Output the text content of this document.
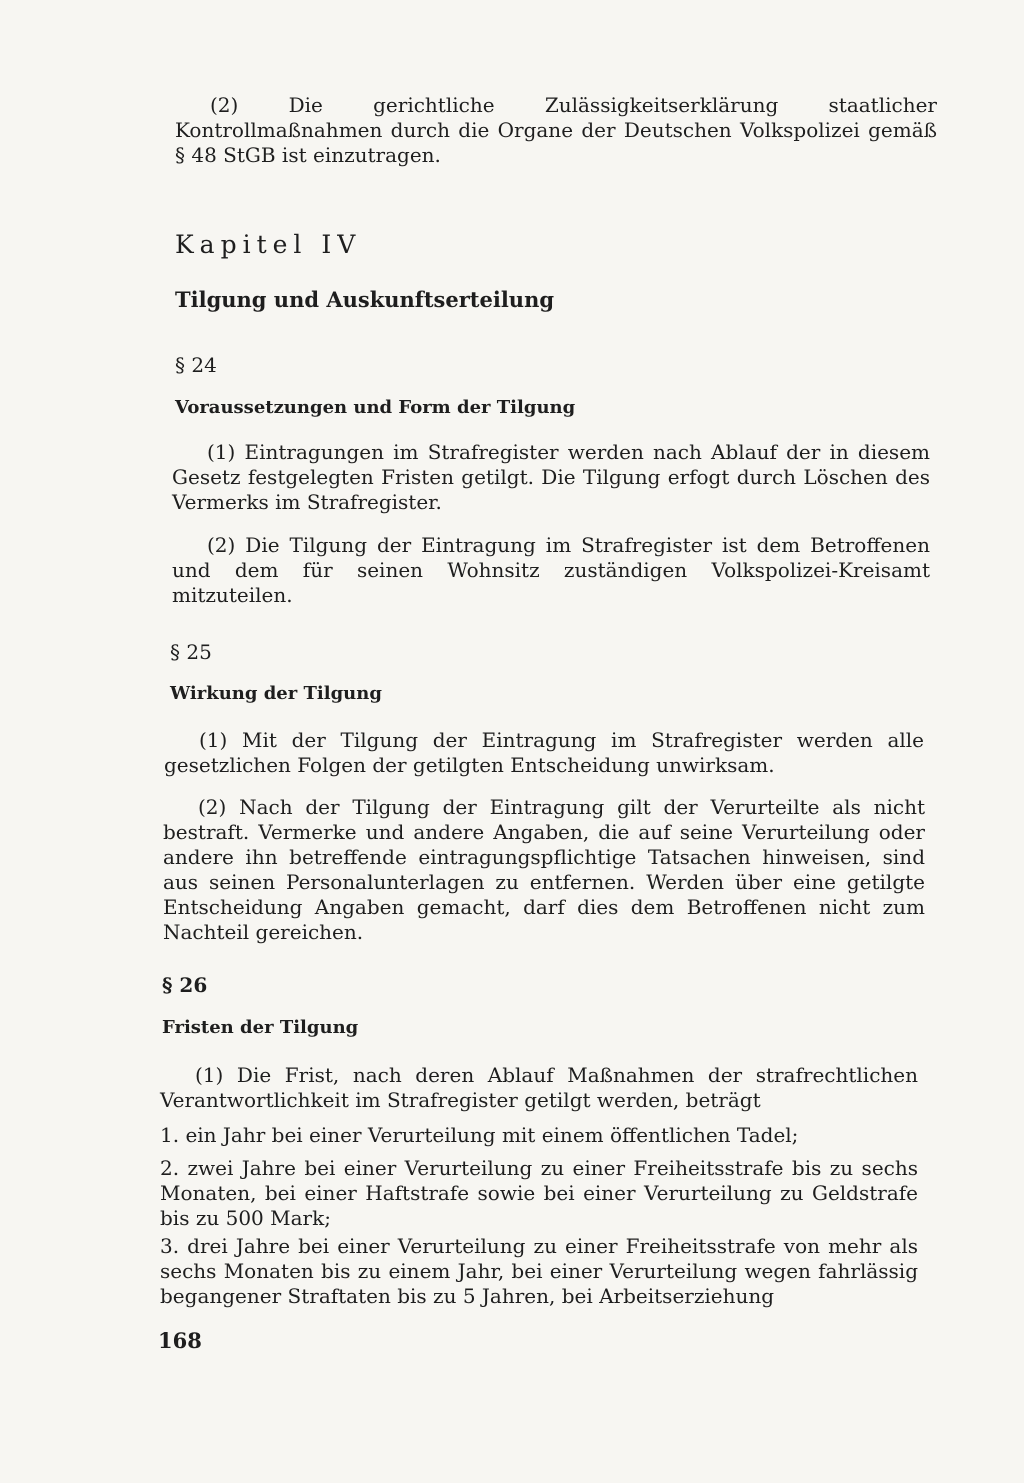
(2) Die gerichtliche Zulässigkeitserklärung staatlicher Kontrollmaßnahmen durch die Organe der Deutschen Volkspolizei gemäß § 48 StGB ist einzutragen.

Kapitel IV

Tilgung und Auskunftserteilung

§ 24

Voraussetzungen und Form der Tilgung

(1) Eintragungen im Strafregister werden nach Ablauf der in diesem Gesetz festgelegten Fristen getilgt. Die Tilgung erfogt durch Löschen des Vermerks im Strafregister.

(2) Die Tilgung der Eintragung im Strafregister ist dem Betroffenen und dem für seinen Wohnsitz zuständigen Volkspolizei-Kreisamt mitzuteilen.

§ 25

Wirkung der Tilgung

(1) Mit der Tilgung der Eintragung im Strafregister werden alle gesetzlichen Folgen der getilgten Entscheidung unwirksam.

(2) Nach der Tilgung der Eintragung gilt der Verurteilte als nicht bestraft. Vermerke und andere Angaben, die auf seine Verurteilung oder andere ihn betreffende eintragungspflichtige Tatsachen hinweisen, sind aus seinen Personalunterlagen zu entfernen. Werden über eine getilgte Entscheidung Angaben gemacht, darf dies dem Betroffenen nicht zum Nachteil gereichen.

§ 26

Fristen der Tilgung

(1) Die Frist, nach deren Ablauf Maßnahmen der strafrechtlichen Verantwortlichkeit im Strafregister getilgt werden, beträgt

1. ein Jahr bei einer Verurteilung mit einem öffentlichen Tadel;

2. zwei Jahre bei einer Verurteilung zu einer Freiheitsstrafe bis zu sechs Monaten, bei einer Haftstrafe sowie bei einer Verurteilung zu Geldstrafe bis zu 500 Mark;

3. drei Jahre bei einer Verurteilung zu einer Freiheitsstrafe von mehr als sechs Monaten bis zu einem Jahr, bei einer Verurteilung wegen fahrlässig begangener Straftaten bis zu 5 Jahren, bei Arbeitserziehung

168
